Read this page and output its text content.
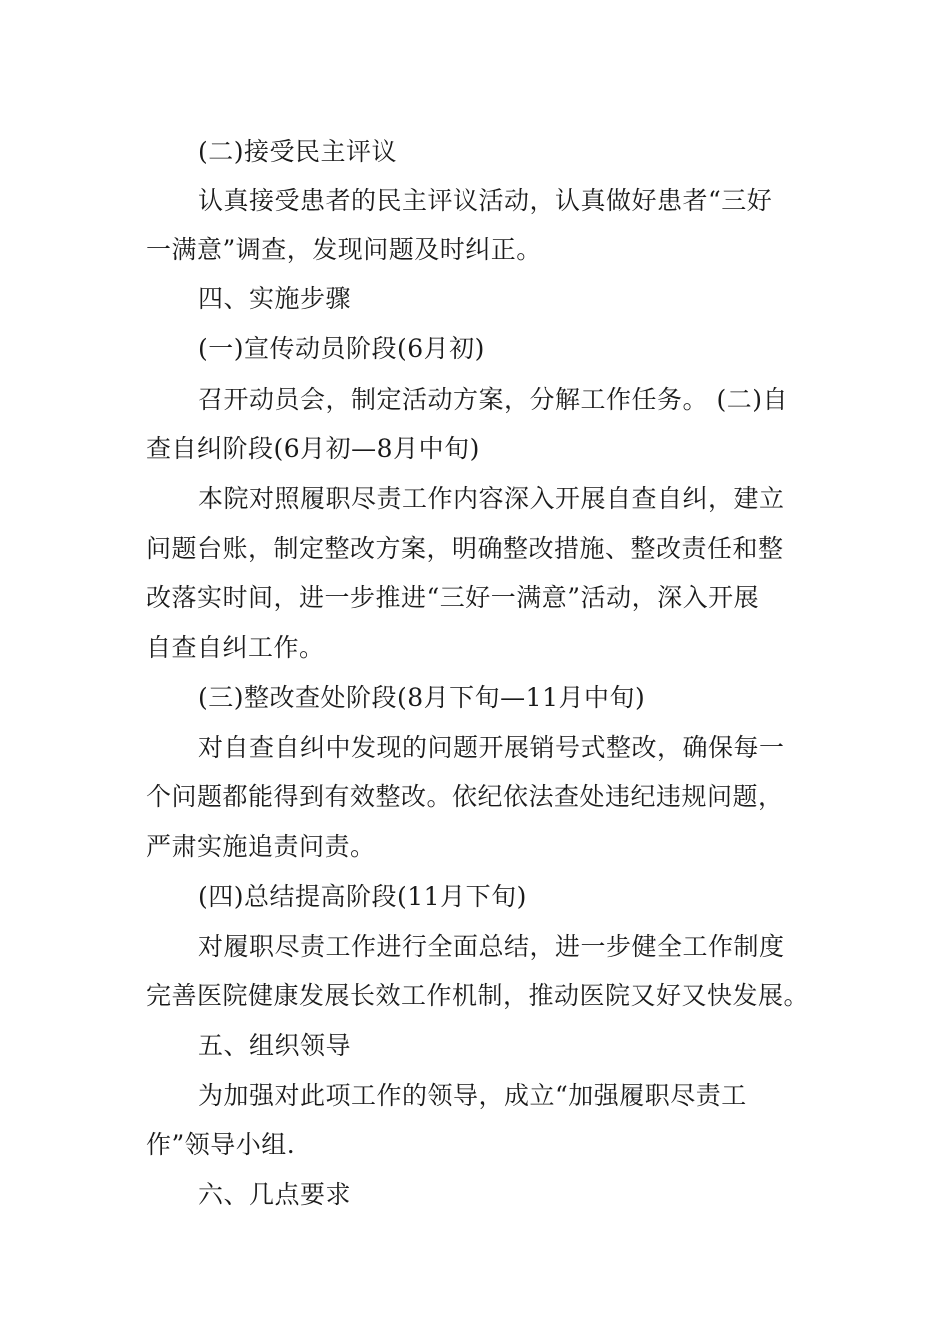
(二)接受民主评议
认真接受患者的民主评议活动，认真做好患者“三好
一满意”调查，发现问题及时纠正。
四、实施步骤
(一)宣传动员阶段(6月初)
召开动员会，制定活动方案，分解工作任务。 (二)自
查自纠阶段(6月初—8月中旬)
本院对照履职尽责工作内容深入开展自查自纠，建立
问题台账，制定整改方案，明确整改措施、整改责任和整
改落实时间，进一步推进“三好一满意”活动，深入开展
自查自纠工作。
(三)整改查处阶段(8月下旬—11月中旬)
对自查自纠中发现的问题开展销号式整改，确保每一
个问题都能得到有效整改。依纪依法查处违纪违规问题，
严肃实施追责问责。
(四)总结提高阶段(11月下旬)
对履职尽责工作进行全面总结，进一步健全工作制度
完善医院健康发展长效工作机制，推动医院又好又快发展。
五、组织领导
为加强对此项工作的领导，成立“加强履职尽责工
作”领导小组.
六、几点要求
